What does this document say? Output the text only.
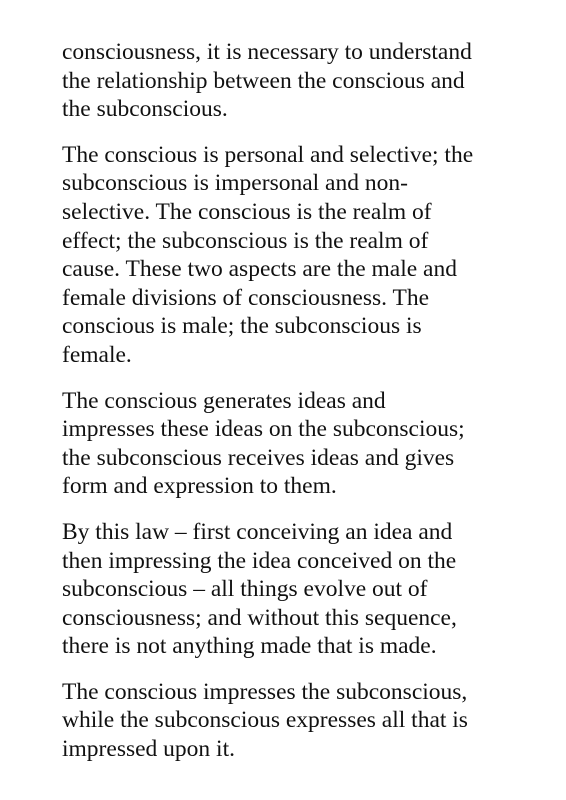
consciousness, it is necessary to understand
the relationship between the conscious and
the subconscious.

The conscious is personal and selective; the
subconscious is impersonal and non-
selective. The conscious is the realm of
effect; the subconscious is the realm of
cause. These two aspects are the male and
female divisions of consciousness. The
conscious is male; the subconscious is
female.

The conscious generates ideas and
impresses these ideas on the subconscious;
the subconscious receives ideas and gives
form and expression to them.

By this law – first conceiving an idea and
then impressing the idea conceived on the
subconscious – all things evolve out of
consciousness; and without this sequence,
there is not anything made that is made.

The conscious impresses the subconscious,
while the subconscious expresses all that is
impressed upon it.
